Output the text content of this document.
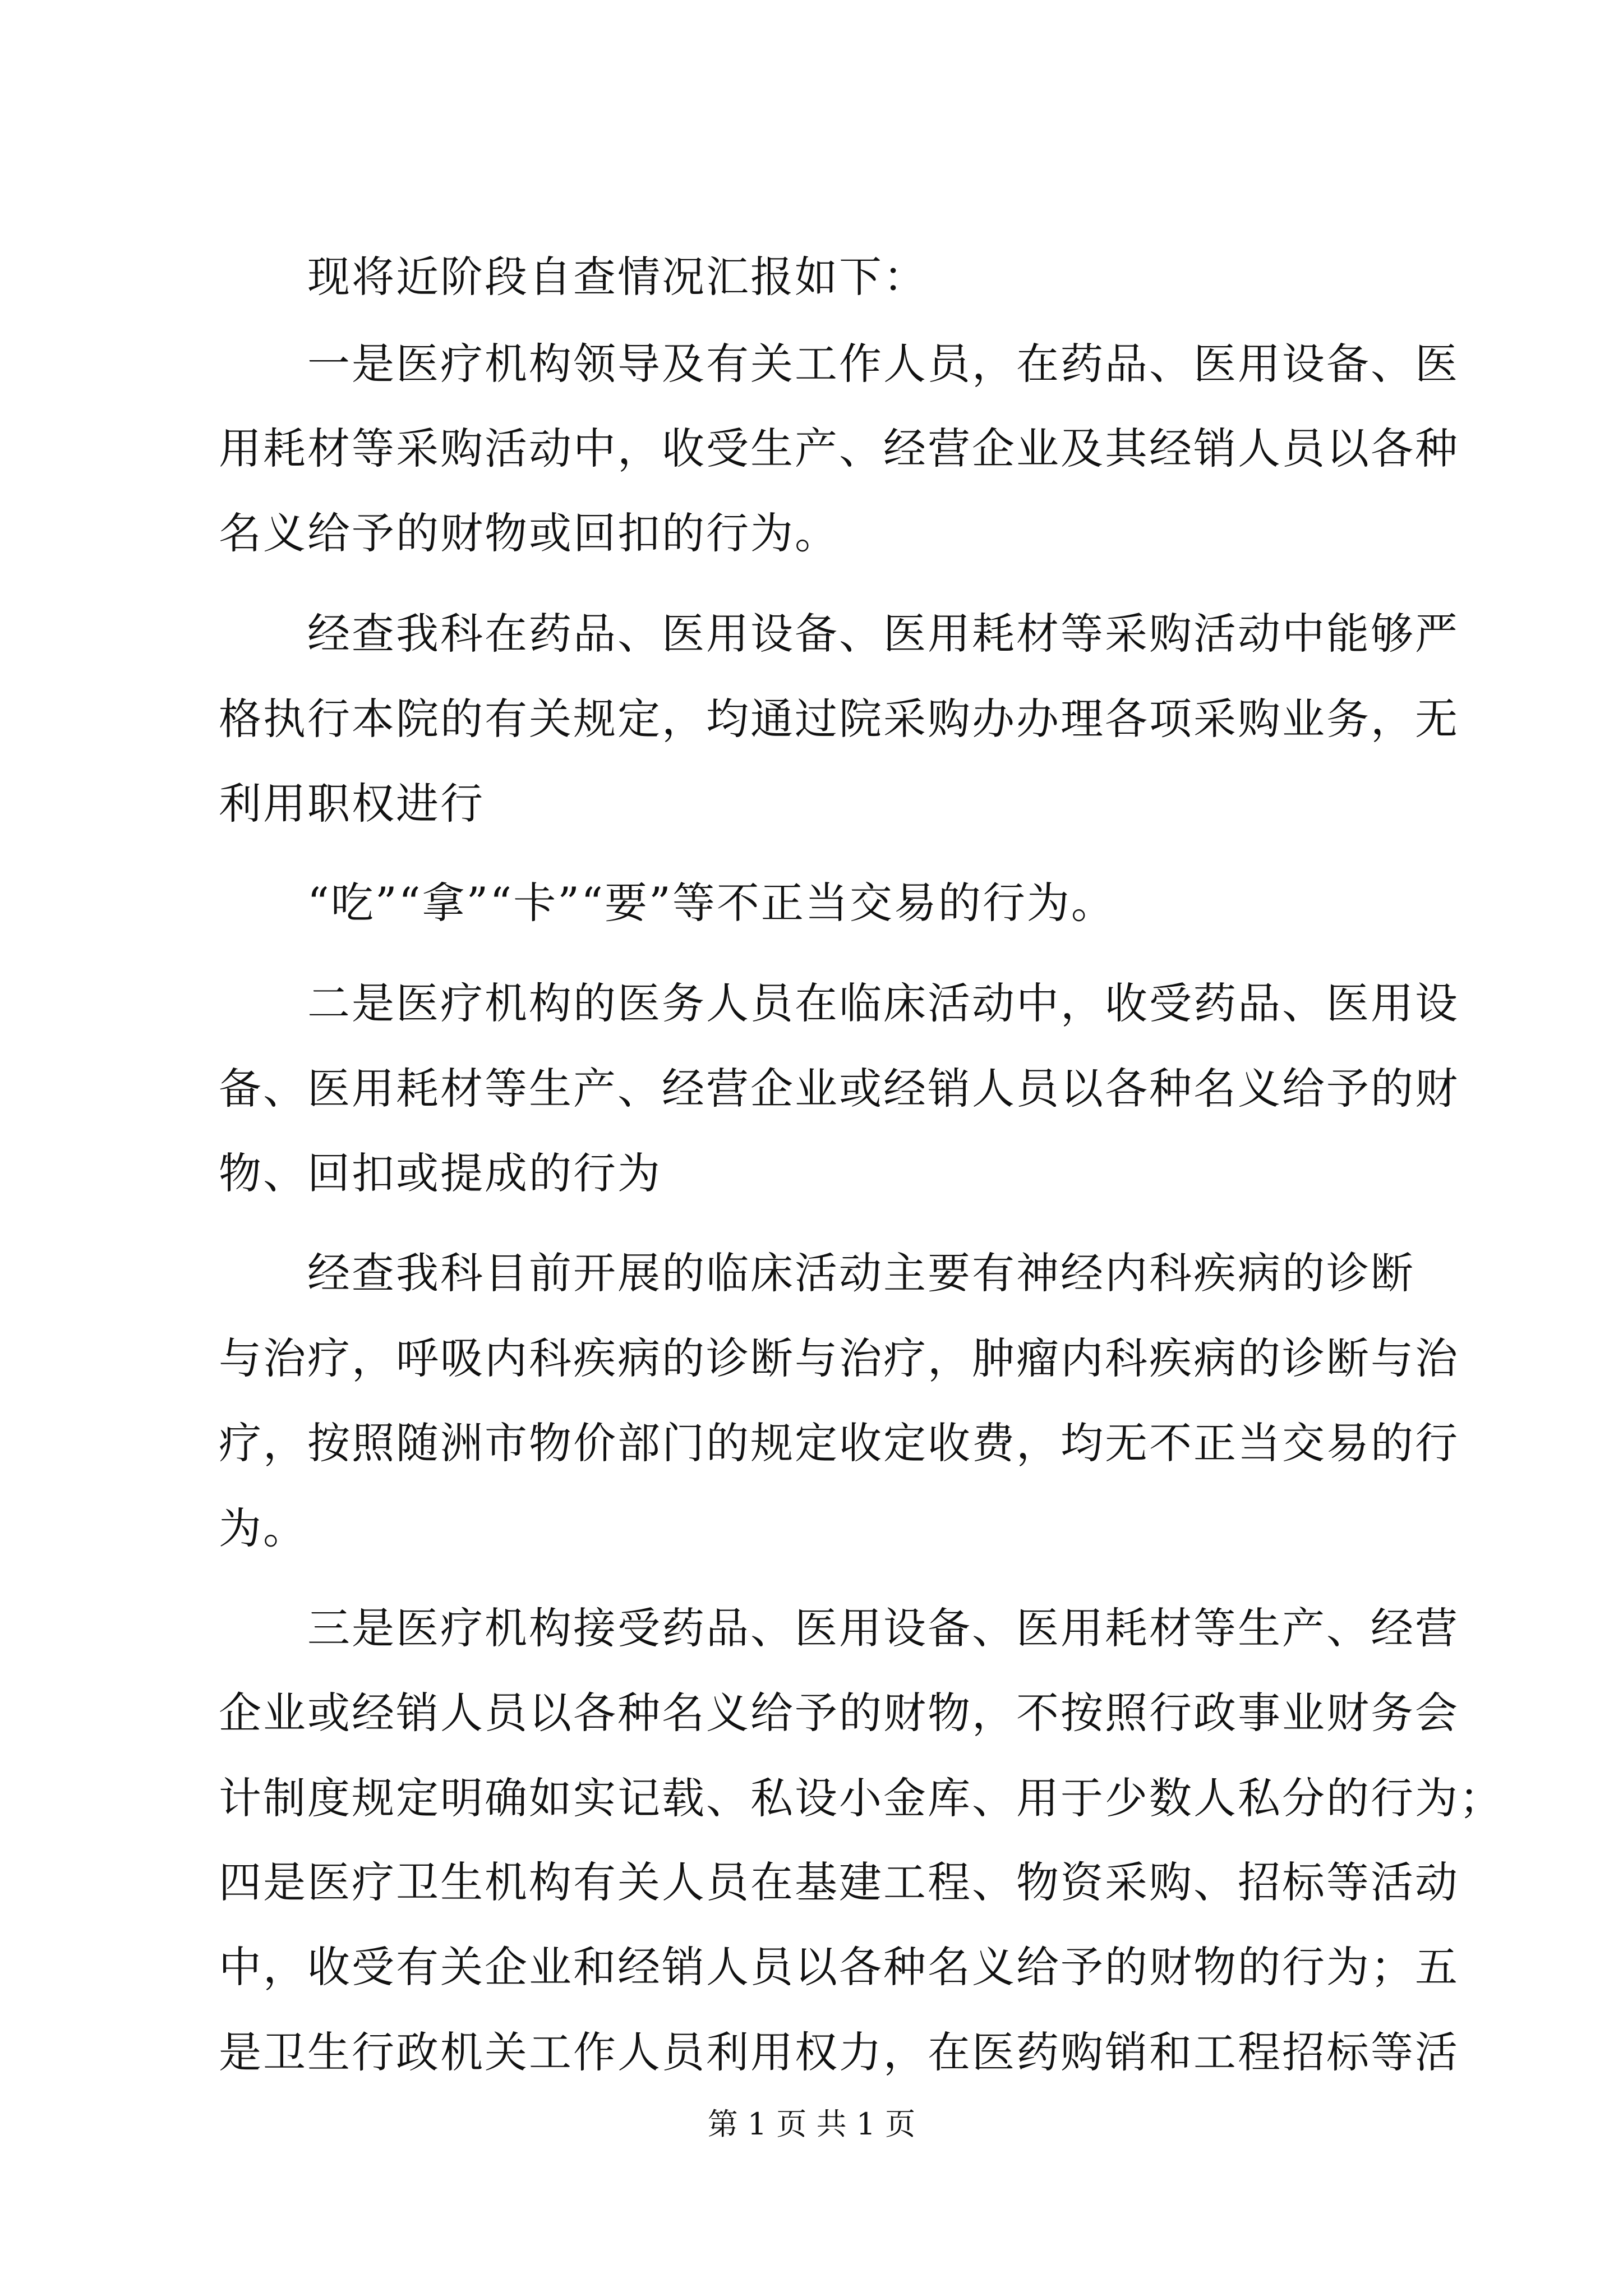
现将近阶段自查情况汇报如下：
一是医疗机构领导及有关工作人员，在药品、医用设备、医
用耗材等采购活动中，收受生产、经营企业及其经销人员以各种
名义给予的财物或回扣的行为。
经查我科在药品、医用设备、医用耗材等采购活动中能够严
格执行本院的有关规定，均通过院采购办办理各项采购业务，无
利用职权进行
“吃”“拿”“卡”“要”等不正当交易的行为。
二是医疗机构的医务人员在临床活动中，收受药品、医用设
备、医用耗材等生产、经营企业或经销人员以各种名义给予的财
物、回扣或提成的行为
经查我科目前开展的临床活动主要有神经内科疾病的诊断
与治疗，呼吸内科疾病的诊断与治疗，肿瘤内科疾病的诊断与治
疗，按照随洲市物价部门的规定收定收费，均无不正当交易的行
为。
三是医疗机构接受药品、医用设备、医用耗材等生产、经营
企业或经销人员以各种名义给予的财物，不按照行政事业财务会
计制度规定明确如实记载、私设小金库、用于少数人私分的行为；
四是医疗卫生机构有关人员在基建工程、物资采购、招标等活动
中，收受有关企业和经销人员以各种名义给予的财物的行为；五
是卫生行政机关工作人员利用权力，在医药购销和工程招标等活
第 1 页 共 1 页
